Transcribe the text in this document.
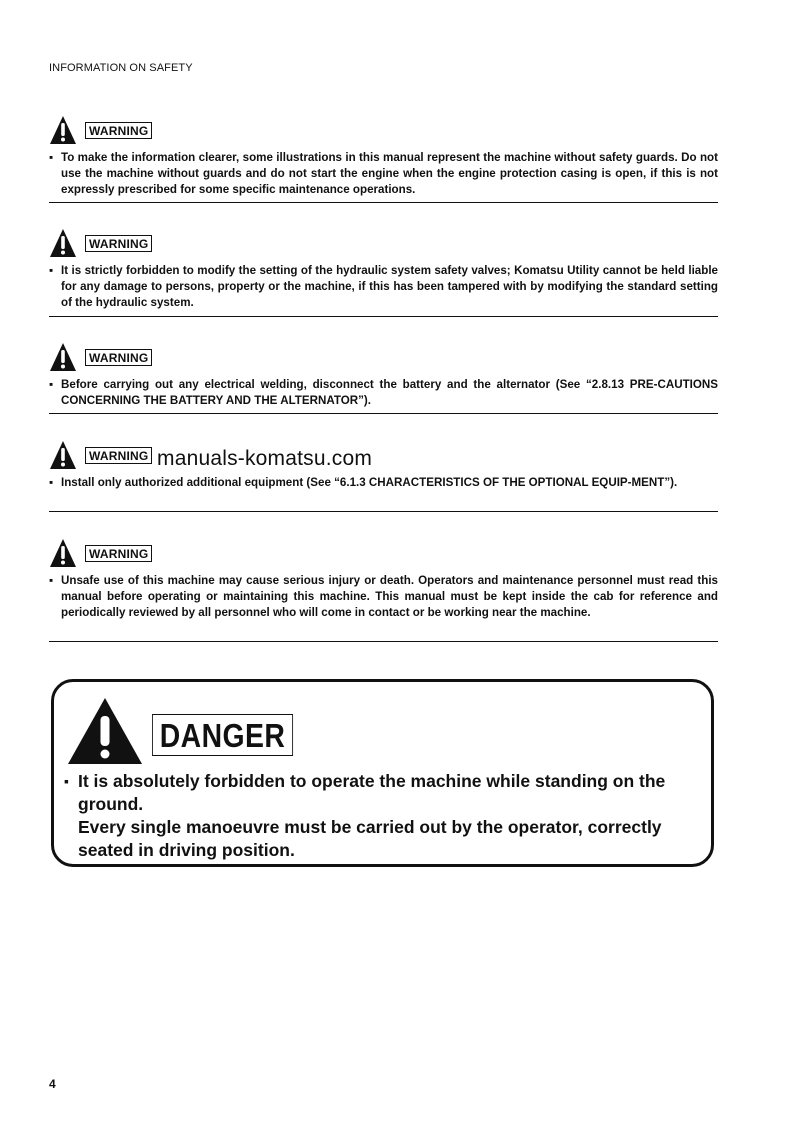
INFORMATION ON SAFETY
WARNING
▪ To make the information clearer, some illustrations in this manual represent the machine without safety guards. Do not use the machine without guards and do not start the engine when the engine protection casing is open, if this is not expressly prescribed for some specific maintenance operations.

WARNING
▪ It is strictly forbidden to modify the setting of the hydraulic system safety valves; Komatsu Utility cannot be held liable for any damage to persons, property or the machine, if this has been tampered with by modifying the standard setting of the hydraulic system.

WARNING
▪ Before carrying out any electrical welding, disconnect the battery and the alternator (See “2.8.13 PRE-CAUTIONS CONCERNING THE BATTERY AND THE ALTERNATOR”).

WARNING
▪ Install only authorized additional equipment (See “6.1.3 CHARACTERISTICS OF THE OPTIONAL EQUIP-MENT”).

manuals-komatsu.com
WARNING
▪ Unsafe use of this machine may cause serious injury or death. Operators and maintenance personnel must read this manual before operating or maintaining this machine. This manual must be kept inside the cab for reference and periodically reviewed by all personnel who will come in contact or be working near the machine.

DANGER
▪ It is absolutely forbidden to operate the machine while standing on the ground.
Every single manoeuvre must be carried out by the operator, correctly seated in driving position.

4
